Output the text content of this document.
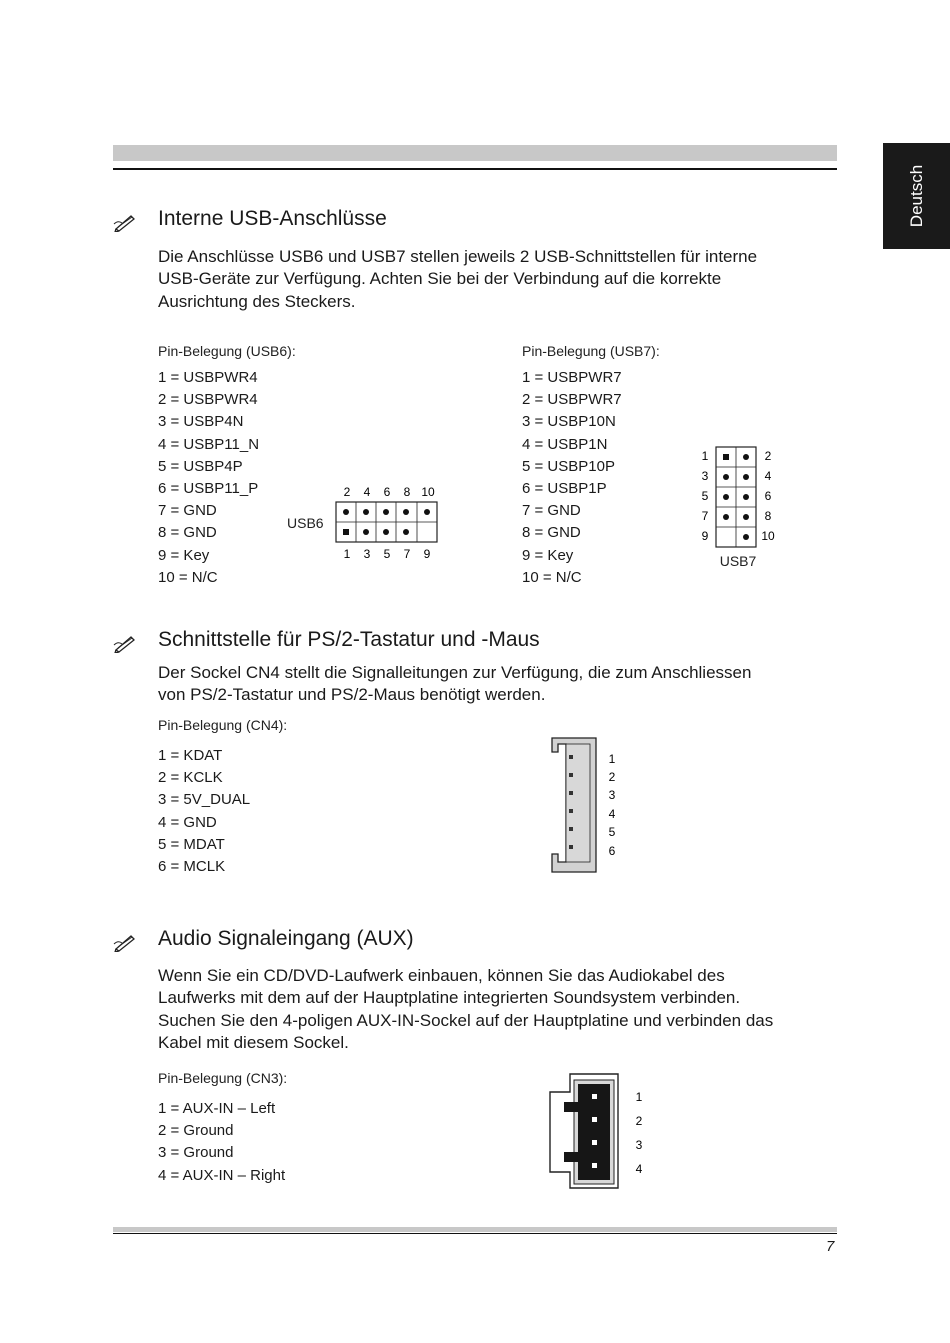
Deutsch
7
Interne USB-Anschlüsse
Die Anschlüsse USB6 und USB7 stellen jeweils 2 USB-Schnittstellen für interne
USB-Geräte zur Verfügung. Achten Sie bei der Verbindung auf die korrekte
Ausrichtung des Steckers.
Pin-Belegung (USB6):
1 = USBPWR4
2 = USBPWR4
3 = USBP4N
4 = USBP11_N
5 = USBP4P
6 = USBP11_P
7 = GND
8 = GND
9 = Key
10 = N/C
USB6
2 4 6 8 10
1 3 5 7 9
Pin-Belegung (USB7):
1 = USBPWR7
2 = USBPWR7
3 = USBP10N
4 = USBP1N
5 = USBP10P
6 = USBP1P
7 = GND
8 = GND
9 = Key
10 = N/C
1
3
5
7
9
2
4
6
8
10
USB7
Schnittstelle für PS/2-Tastatur und -Maus
Der Sockel CN4 stellt die Signalleitungen zur Verfügung, die zum Anschliessen
von PS/2-Tastatur und PS/2-Maus benötigt werden.
Pin-Belegung (CN4):
1 = KDAT
2 = KCLK
3 = 5V_DUAL
4 = GND
5 = MDAT
6 = MCLK
1
2
3
4
5
6
Audio Signaleingang (AUX)
Wenn Sie ein CD/DVD-Laufwerk einbauen, können Sie das Audiokabel des
Laufwerks mit dem auf der Hauptplatine integrierten Soundsystem verbinden.
Suchen Sie den 4-poligen AUX-IN-Sockel auf der Hauptplatine und verbinden das
Kabel mit diesem Sockel.
Pin-Belegung (CN3):
1 = AUX-IN – Left
2 = Ground
3 = Ground
4 = AUX-IN – Right
1
2
3
4
